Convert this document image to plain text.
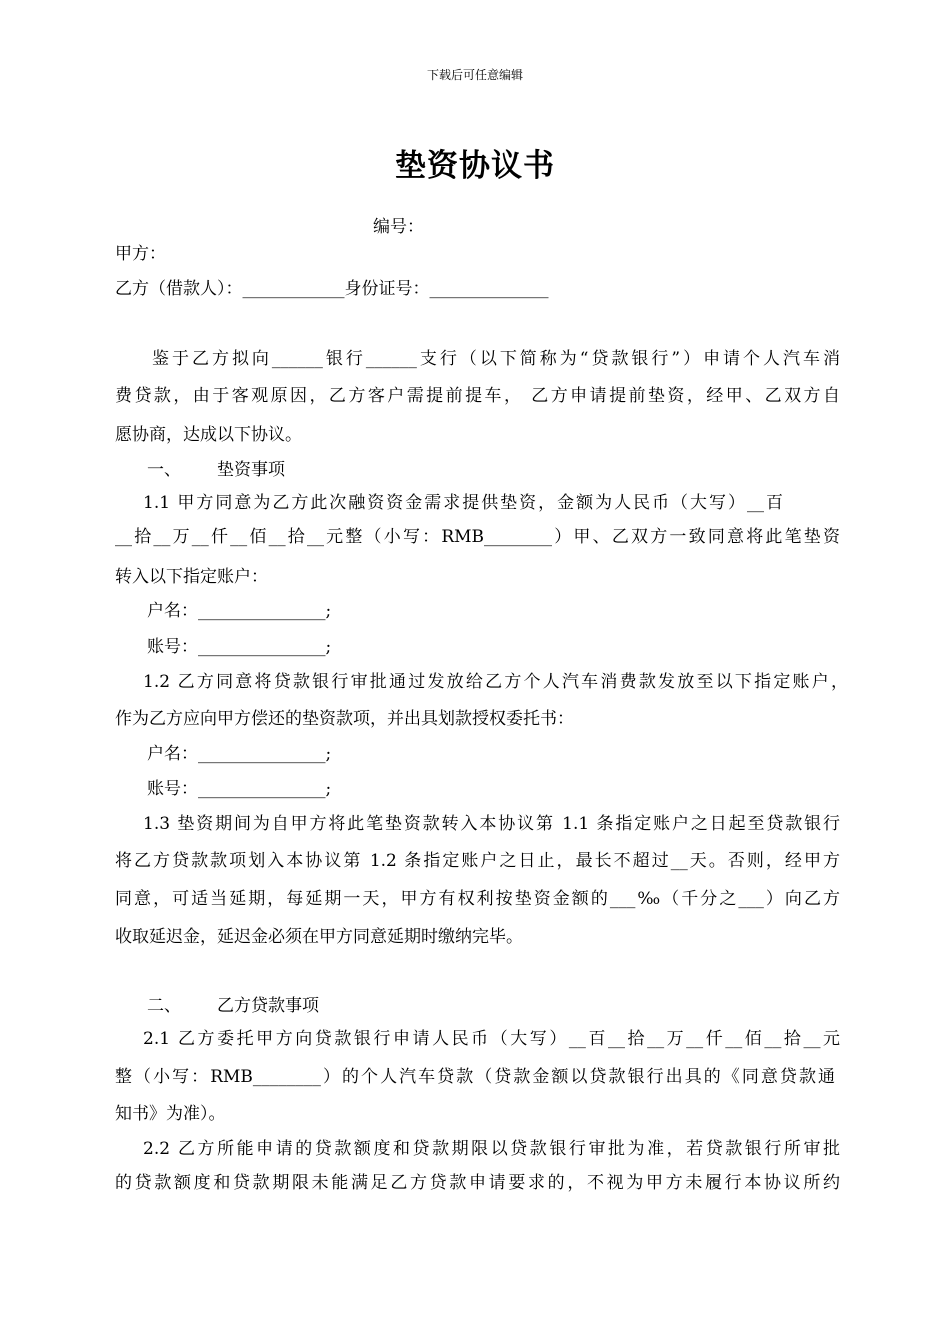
下载后可任意编辑
垫资协议书
编号：
甲方：
乙方（借款人）：____________身份证号：______________
鉴于乙方拟向______银行______支行（以下简称为“贷款银行”）申请个人汽车消
费贷款，由于客观原因，乙方客户需提前提车， 乙方申请提前垫资，经甲、乙双方自
愿协商，达成以下协议。
一、 垫资事项
1.1 甲方同意为乙方此次融资资金需求提供垫资，金额为人民币（大写）__百
__拾__万__仟__佰__拾__元整（小写：RMB________）甲、乙双方一致同意将此笔垫资
转入以下指定账户：
户名：_______________;
账号：_______________;
1.2 乙方同意将贷款银行审批通过发放给乙方个人汽车消费款发放至以下指定账户，
作为乙方应向甲方偿还的垫资款项，并出具划款授权委托书：
户名：_______________;
账号：_______________;
1.3 垫资期间为自甲方将此笔垫资款转入本协议第 1.1 条指定账户之日起至贷款银行
将乙方贷款款项划入本协议第 1.2 条指定账户之日止，最长不超过__天。否则，经甲方
同意，可适当延期，每延期一天，甲方有权利按垫资金额的___‰（千分之___）向乙方
收取延迟金，延迟金必须在甲方同意延期时缴纳完毕。
二、 乙方贷款事项
2.1 乙方委托甲方向贷款银行申请人民币（大写）__百__拾__万__仟__佰__拾__元
整（小写：RMB________）的个人汽车贷款（贷款金额以贷款银行出具的《同意贷款通
知书》为准）。
2.2 乙方所能申请的贷款额度和贷款期限以贷款银行审批为准，若贷款银行所审批
的贷款额度和贷款期限未能满足乙方贷款申请要求的，不视为甲方未履行本协议所约
